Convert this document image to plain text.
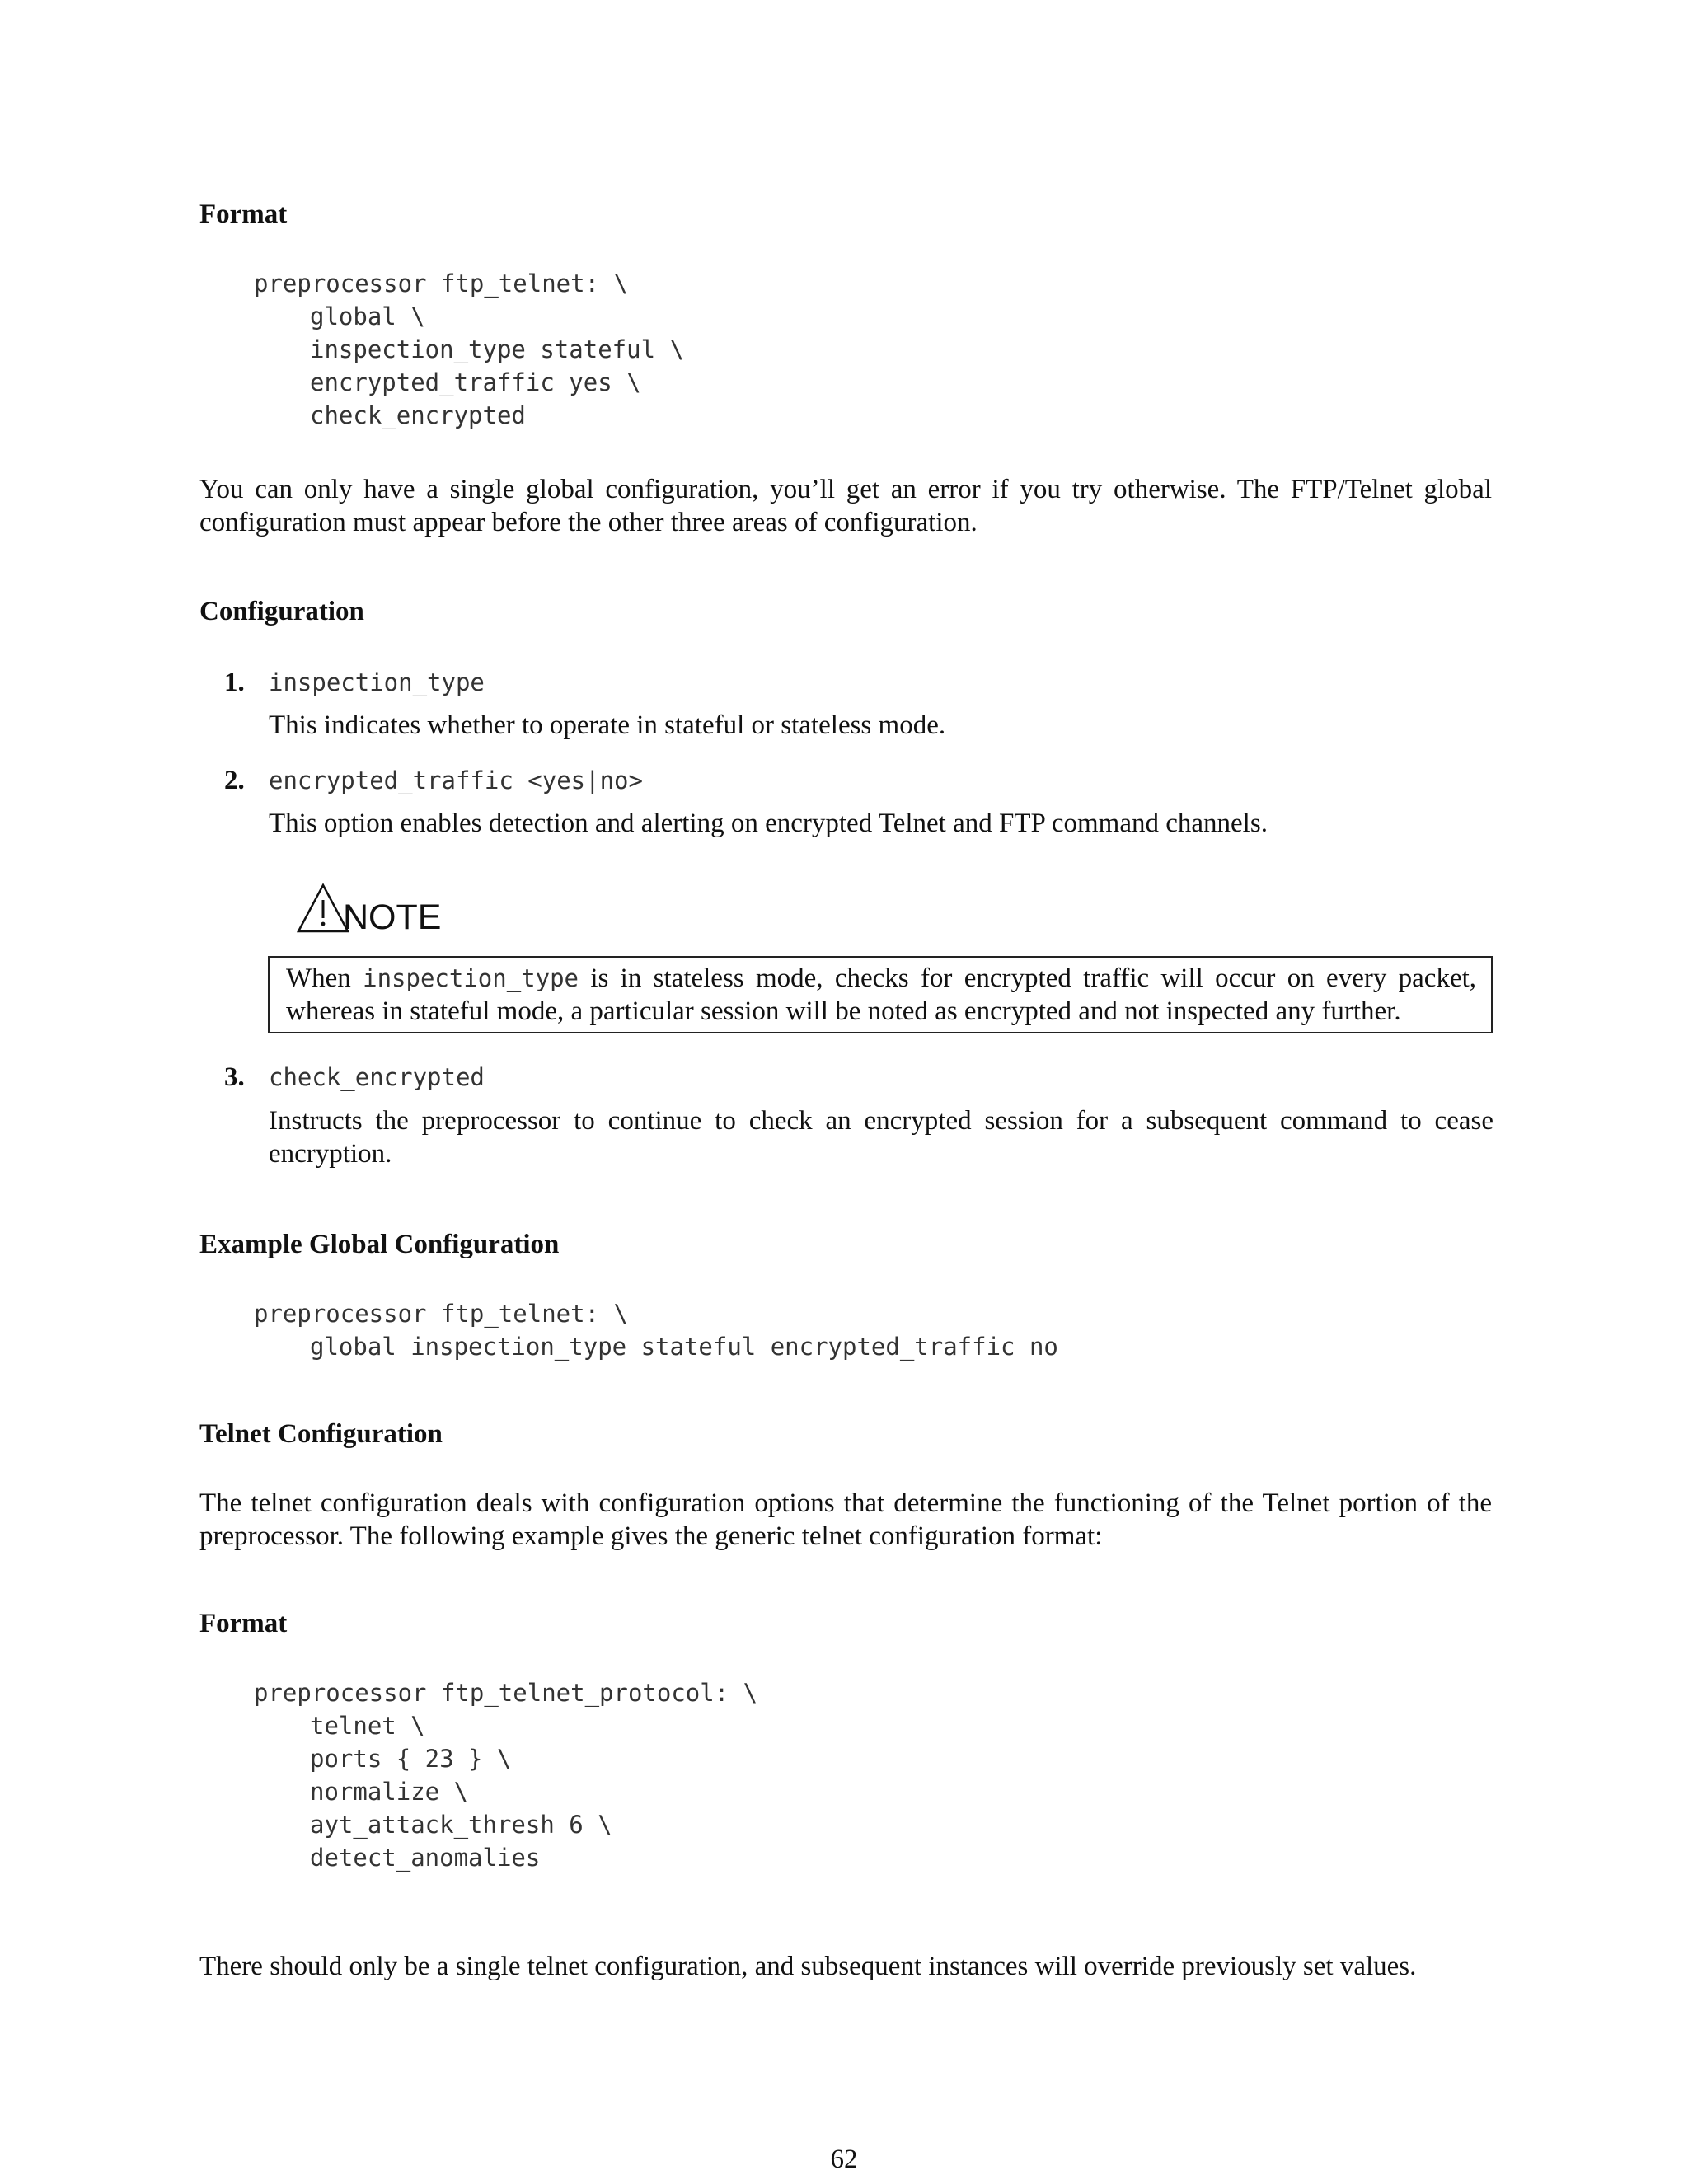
Format
preprocessor ftp_telnet: \
global \
inspection_type stateful \
encrypted_traffic yes \
check_encrypted
You can only have a single global configuration, you’ll get an error if you try otherwise. The FTP/Telnet global configuration must appear before the other three areas of configuration.
Configuration
1. inspection_type
This indicates whether to operate in stateful or stateless mode.
2. encrypted_traffic <yes|no>
This option enables detection and alerting on encrypted Telnet and FTP command channels.
NOTE
When inspection_type is in stateless mode, checks for encrypted traffic will occur on every packet, whereas in stateful mode, a particular session will be noted as encrypted and not inspected any further.
3. check_encrypted
Instructs the preprocessor to continue to check an encrypted session for a subsequent command to cease encryption.
Example Global Configuration
preprocessor ftp_telnet: \
global inspection_type stateful encrypted_traffic no
Telnet Configuration
The telnet configuration deals with configuration options that determine the functioning of the Telnet portion of the preprocessor. The following example gives the generic telnet configuration format:
Format
preprocessor ftp_telnet_protocol: \
telnet \
ports { 23 } \
normalize \
ayt_attack_thresh 6 \
detect_anomalies
There should only be a single telnet configuration, and subsequent instances will override previously set values.
62
